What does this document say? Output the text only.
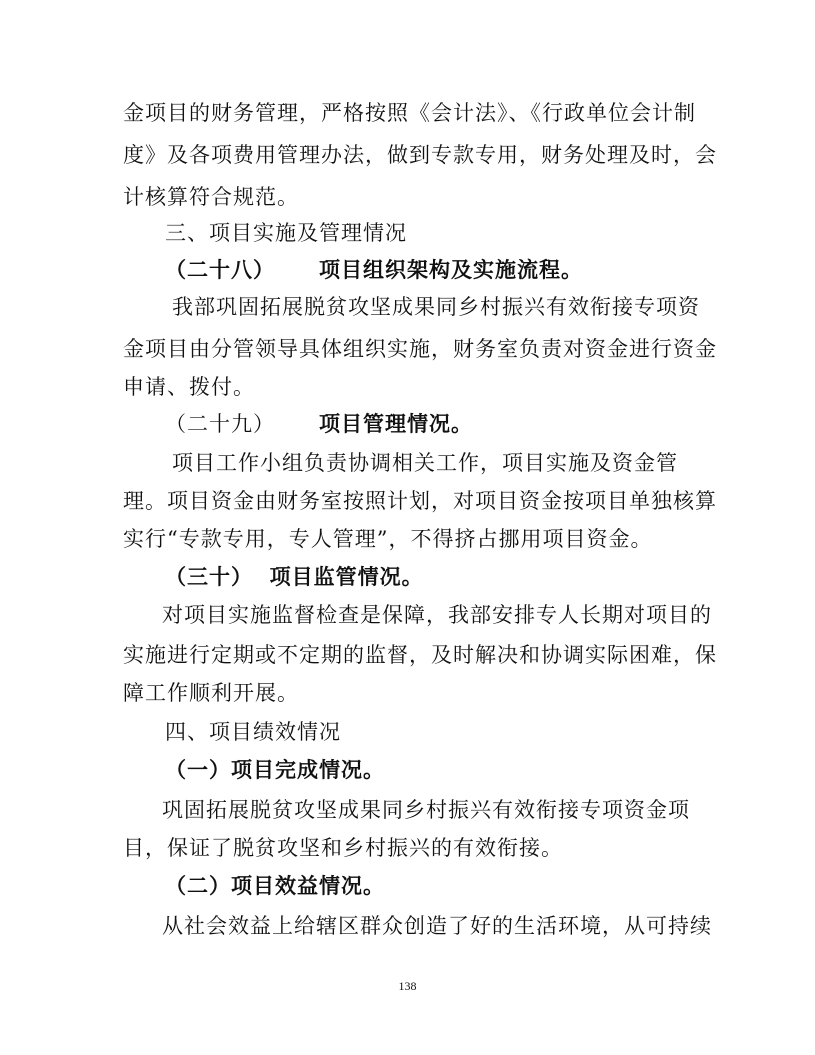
金项目的财务管理，严格按照《会计法》、《行政单位会计制
度》及各项费用管理办法，做到专款专用，财务处理及时，会
计核算符合规范。
三、项目实施及管理情况
（二十八） 项目组织架构及实施流程。
我部巩固拓展脱贫攻坚成果同乡村振兴有效衔接专项资
金项目由分管领导具体组织实施，财务室负责对资金进行资金
申请、拨付。
（二十九） 项目管理情况。
项目工作小组负责协调相关工作，项目实施及资金管
理。项目资金由财务室按照计划，对项目资金按项目单独核算
实行“专款专用，专人管理”，不得挤占挪用项目资金。
（三十） 项目监管情况。
对项目实施监督检查是保障，我部安排专人长期对项目的
实施进行定期或不定期的监督，及时解决和协调实际困难，保
障工作顺利开展。
四、项目绩效情况
（一）项目完成情况。
巩固拓展脱贫攻坚成果同乡村振兴有效衔接专项资金项
目，保证了脱贫攻坚和乡村振兴的有效衔接。
（二）项目效益情况。
从社会效益上给辖区群众创造了好的生活环境，从可持续
138
